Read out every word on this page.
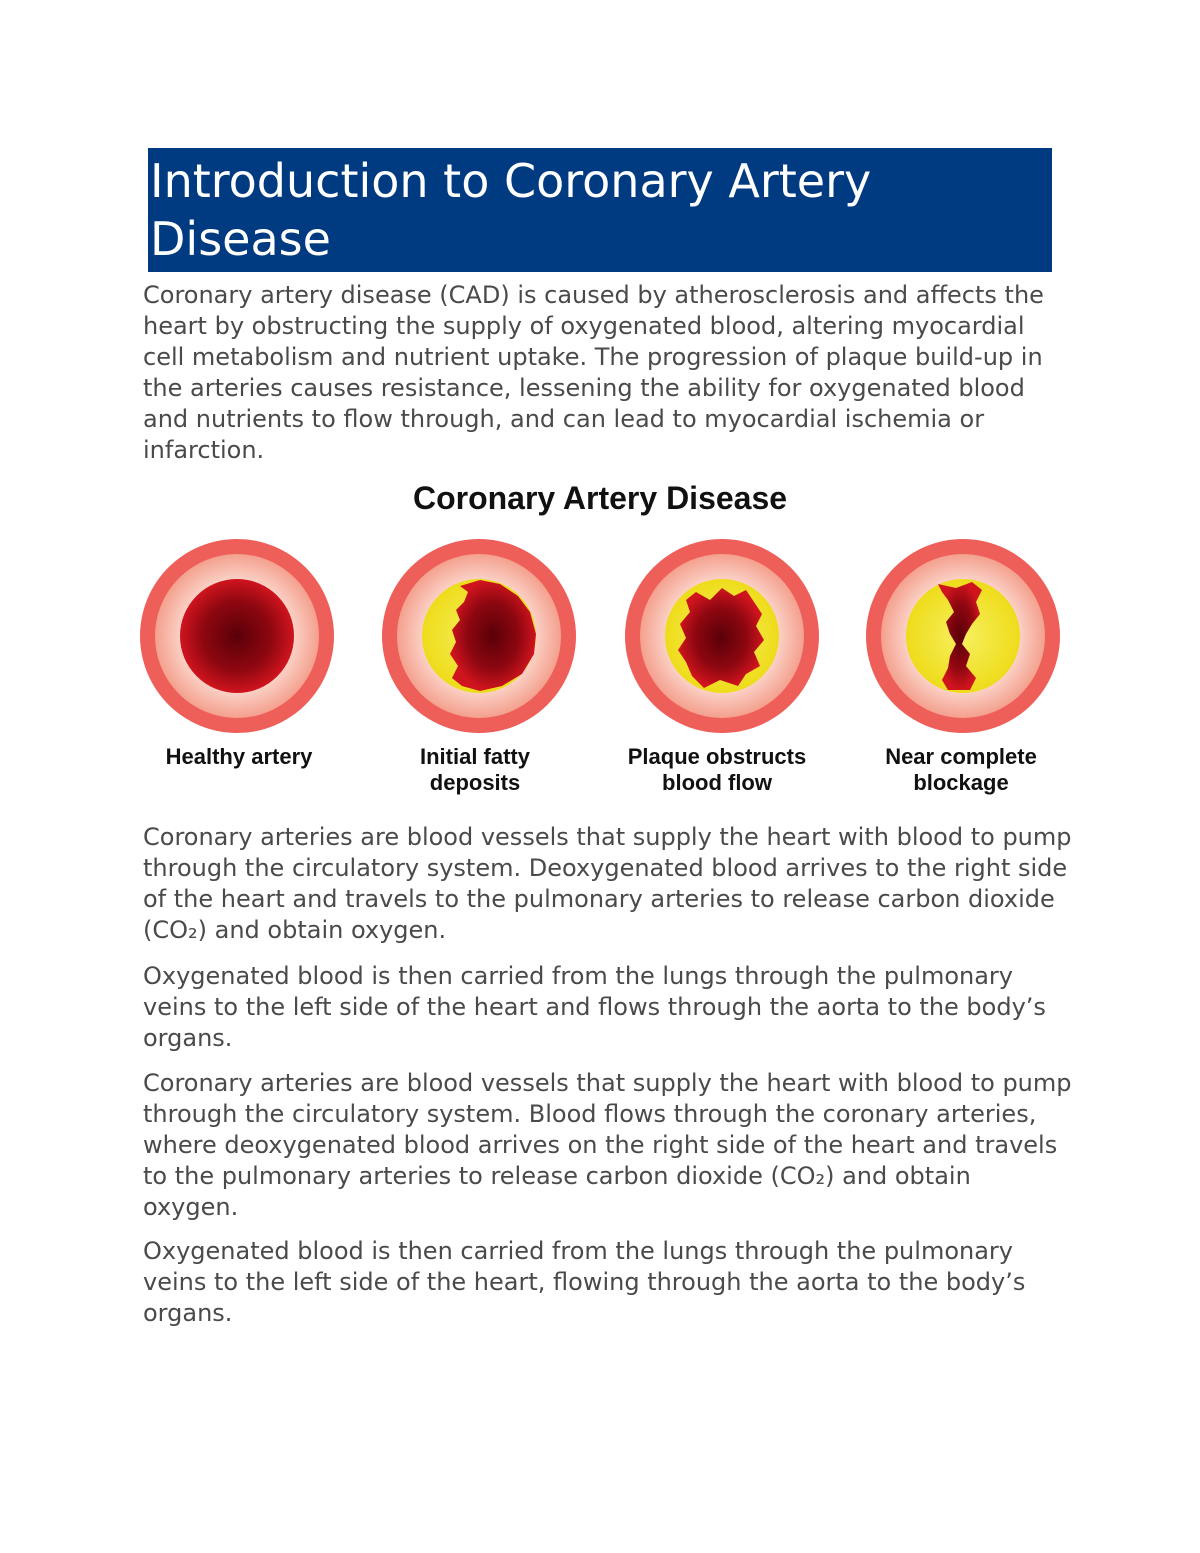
Introduction to Coronary Artery Disease

Coronary artery disease (CAD) is caused by atherosclerosis and affects the heart by obstructing the supply of oxygenated blood, altering myocardial cell metabolism and nutrient uptake. The progression of plaque build-up in the arteries causes resistance, lessening the ability for oxygenated blood and nutrients to flow through, and can lead to myocardial ischemia or infarction.

Coronary Artery Disease
Healthy artery	Initial fatty
deposits
Plaque obstructs
blood flow
Near complete
blockage

Coronary arteries are blood vessels that supply the heart with blood to pump through the circulatory system. Deoxygenated blood arrives to the right side of the heart and travels to the pulmonary arteries to release carbon dioxide (CO₂) and obtain oxygen.

Oxygenated blood is then carried from the lungs through the pulmonary veins to the left side of the heart and flows through the aorta to the body’s organs.

Coronary arteries are blood vessels that supply the heart with blood to pump through the circulatory system. Blood flows through the coronary arteries, where deoxygenated blood arrives on the right side of the heart and travels to the pulmonary arteries to release carbon dioxide (CO₂) and obtain oxygen.

Oxygenated blood is then carried from the lungs through the pulmonary veins to the left side of the heart, flowing through the aorta to the body’s organs.
